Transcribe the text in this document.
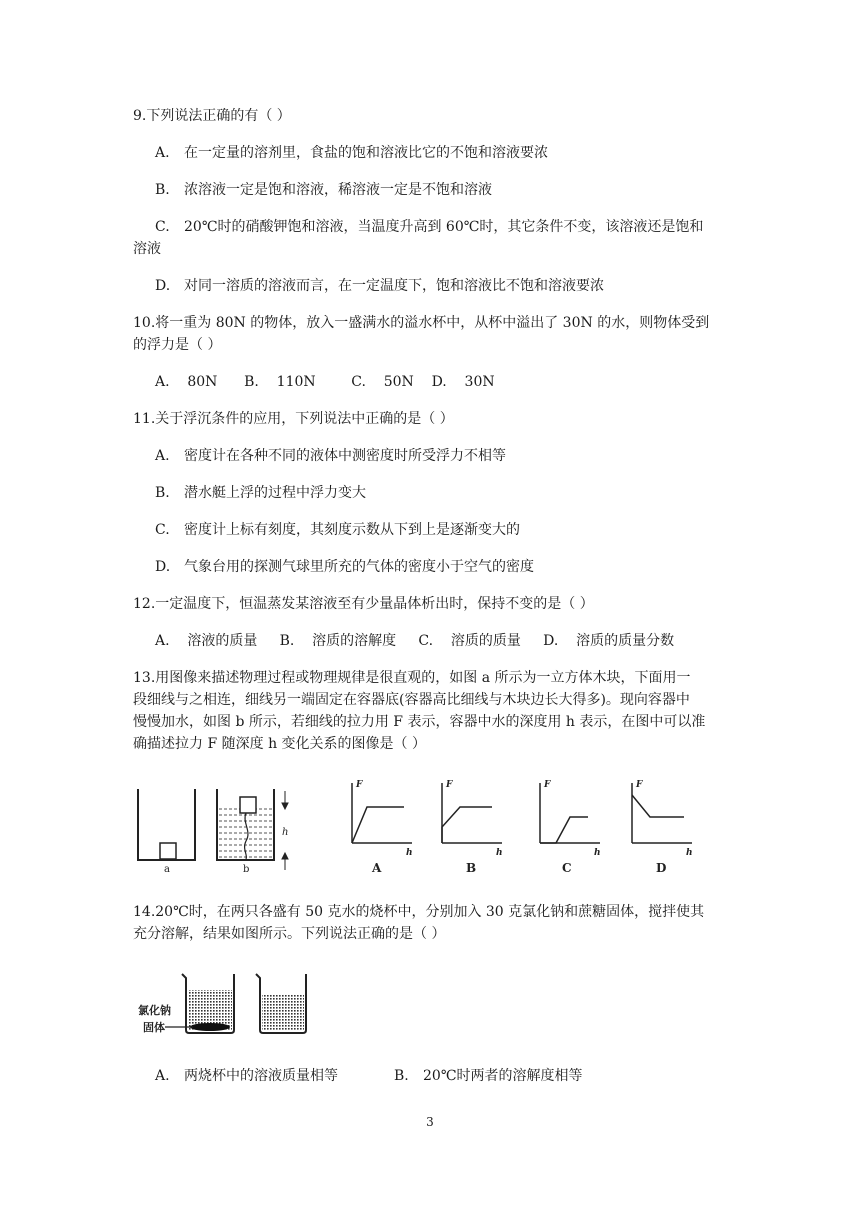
9.下列说法正确的有（ ）
A. 在一定量的溶剂里，食盐的饱和溶液比它的不饱和溶液要浓
B. 浓溶液一定是饱和溶液，稀溶液一定是不饱和溶液
C. 20℃时的硝酸钾饱和溶液，当温度升高到 60℃时，其它条件不变，该溶液还是饱和
溶液
D. 对同一溶质的溶液而言，在一定温度下，饱和溶液比不饱和溶液要浓
10.将一重为 80N 的物体，放入一盛满水的溢水杯中，从杯中溢出了 30N 的水，则物体受到
的浮力是（ ）
A.    80N      B.    110N        C.    50N    D.    30N
11.关于浮沉条件的应用，下列说法中正确的是（ ）
A. 密度计在各种不同的液体中测密度时所受浮力不相等
B. 潜水艇上浮的过程中浮力变大
C. 密度计上标有刻度，其刻度示数从下到上是逐渐变大的
D. 气象台用的探测气球里所充的气体的密度小于空气的密度
12.一定温度下，恒温蒸发某溶液至有少量晶体析出时，保持不变的是（ ）
A.    溶液的质量     B.    溶质的溶解度     C.    溶质的质量     D.    溶质的质量分数
13.用图像来描述物理过程或物理规律是很直观的，如图 a 所示为一立方体木块，下面用一
段细线与之相连，细线另一端固定在容器底(容器高比细线与木块边长大得多)。现向容器中
慢慢加水，如图 b 所示，若细线的拉力用 F 表示，容器中水的深度用 h 表示，在图中可以准
确描述拉力 F 随深度 h 变化关系的图像是（ ）
a	b
h
F
h
F
h
F
h
F
h
A	B	C	D
14.20℃时，在两只各盛有 50 克水的烧杯中，分别加入 30 克氯化钠和蔗糖固体，搅拌使其
充分溶解，结果如图所示。下列说法正确的是（ ）
氯化钠
固体
A. 两烧杯中的溶液质量相等	B. 20℃时两者的溶解度相等
3
